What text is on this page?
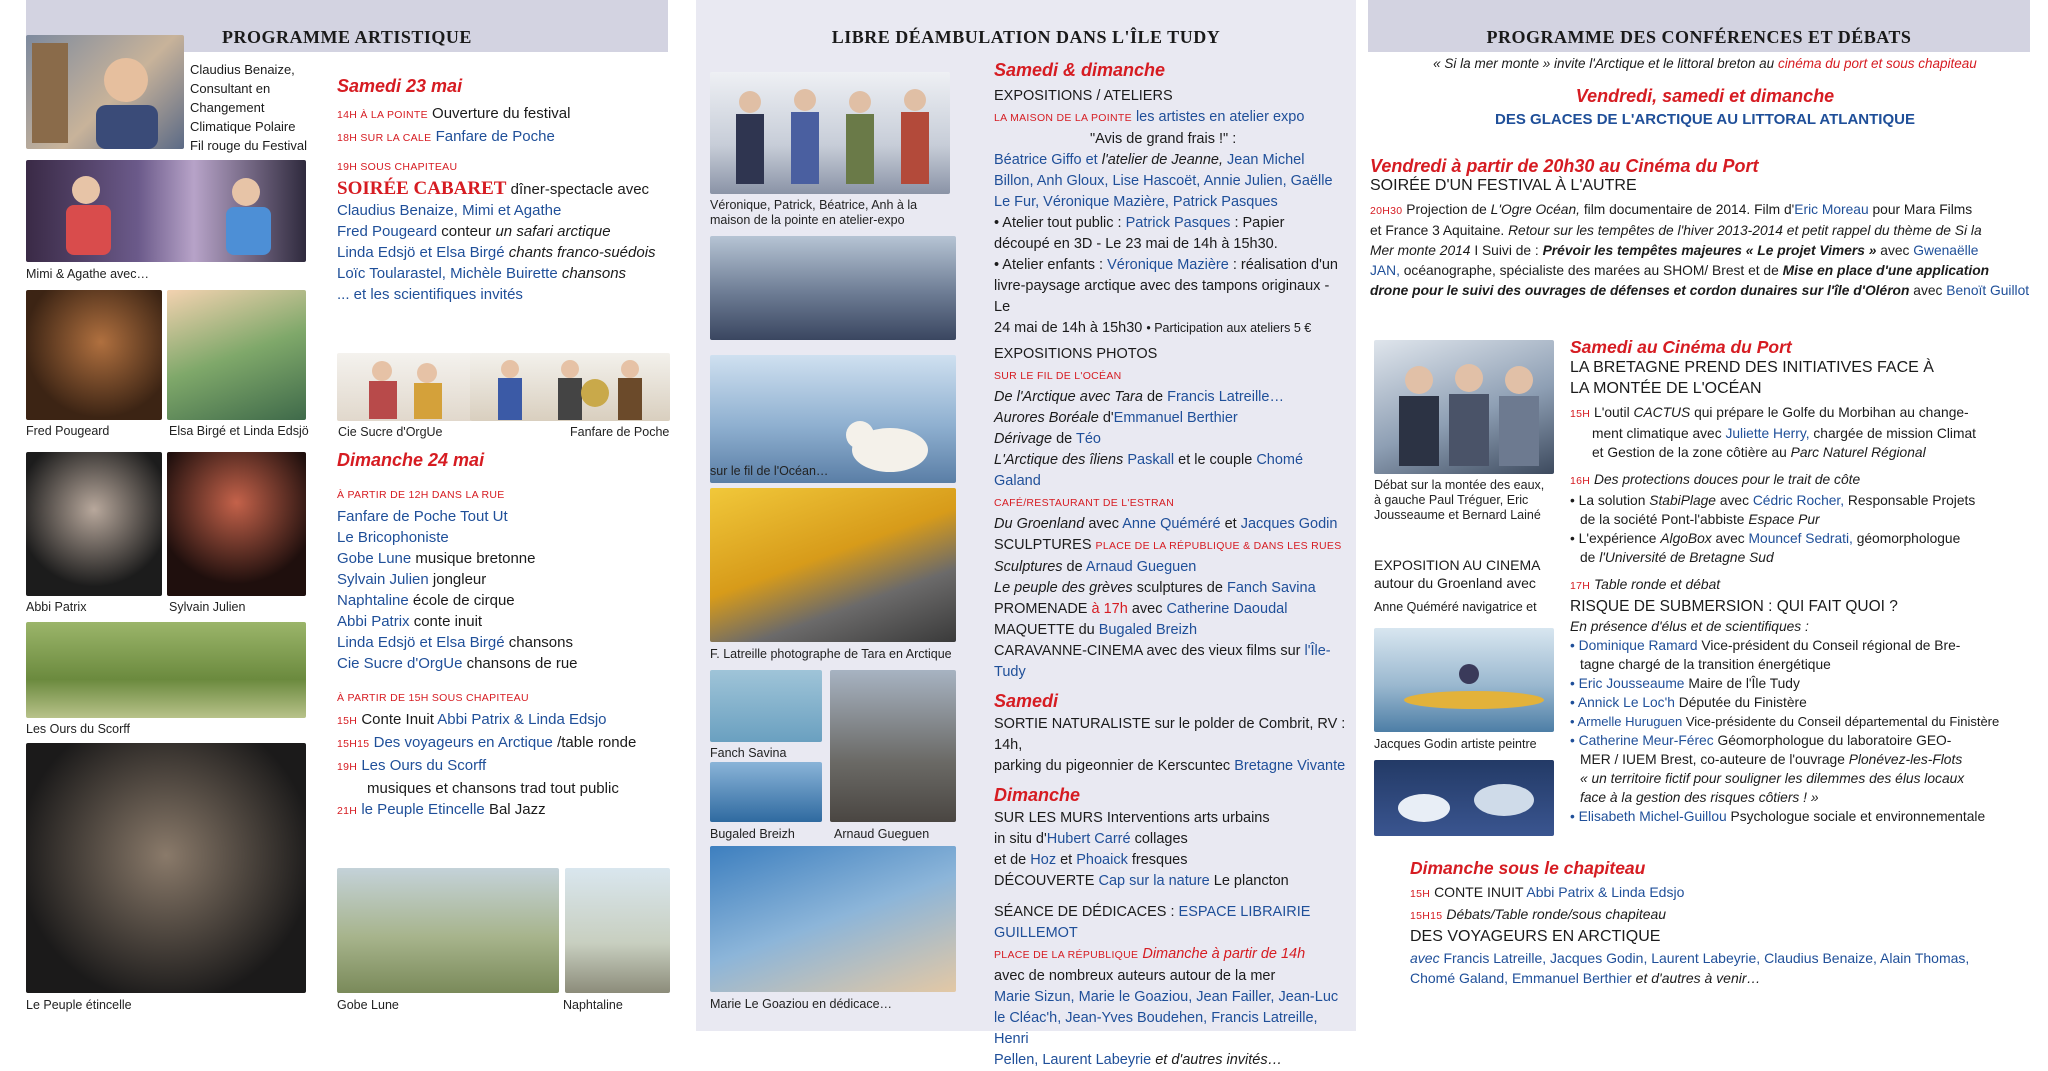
PROGRAMME ARTISTIQUE
Claudius Benaize,
Consultant en
Changement
Climatique Polaire
Fil rouge du Festival
Mimi & Agathe avec…
Fred Pougeard	Elsa Birgé et Linda Edsjö
Abbi Patrix	Sylvain Julien
Les Ours du Scorff
Le Peuple étincelle
Cie Sucre d'OrgUe	Fanfare de Poche
Gobe Lune	Naphtaline
Samedi 23 mai
14H À LA POINTE Ouverture du festival
18H SUR LA CALE Fanfare de Poche
19H SOUS CHAPITEAU
SOIRÉE CABARET dîner-spectacle avec
Claudius Benaize, Mimi et Agathe
Fred Pougeard conteur un safari arctique
Linda Edsjö et Elsa Birgé chants franco-suédois
Loïc Toularastel, Michèle Buirette chansons
... et les scientifiques invités
Dimanche 24 mai
À PARTIR DE 12H DANS LA RUE
Fanfare de Poche Tout Ut
Le Bricophoniste
Gobe Lune musique bretonne
Sylvain Julien jongleur
Naphtaline école de cirque
Abbi Patrix conte inuit
Linda Edsjö et Elsa Birgé chansons
Cie Sucre d'OrgUe chansons de rue
À PARTIR DE 15H SOUS CHAPITEAU
15H Conte Inuit Abbi Patrix & Linda Edsjo
15H15 Des voyageurs en Arctique /table ronde
19H Les Ours du Scorff
musiques et chansons trad tout public
21H le Peuple Etincelle Bal Jazz
LIBRE DÉAMBULATION DANS L'ÎLE TUDY
Véronique, Patrick, Béatrice, Anh à la
maison de la pointe en atelier-expo
sur le fil de l'Océan…
F. Latreille photographe de Tara en Arctique
Fanch Savina
Bugaled Breizh	Arnaud Gueguen
Marie Le Goaziou en dédicace…
Samedi & dimanche
EXPOSITIONS / ATELIERS
LA MAISON DE LA POINTE les artistes en atelier expo
"Avis de grand frais !" :
Béatrice Giffo et l'atelier de Jeanne, Jean Michel
Billon, Anh Gloux, Lise Hascoët, Annie Julien, Gaëlle
Le Fur, Véronique Mazière, Patrick Pasques
• Atelier tout public : Patrick Pasques : Papier
découpé en 3D - Le 23 mai de 14h à 15h30.
• Atelier enfants : Véronique Mazière : réalisation d'un
livre-paysage arctique avec des tampons originaux - Le
24 mai de 14h à 15h30 • Participation aux ateliers 5 €
EXPOSITIONS PHOTOS
SUR LE FIL DE L'OCÉAN
De l'Arctique avec Tara de Francis Latreille…
Aurores Boréale d'Emmanuel Berthier
Dérivage de Téo
L'Arctique des îliens Paskall et le couple Chomé Galand
CAFÉ/RESTAURANT DE L'ESTRAN
Du Groenland avec Anne Quéméré et Jacques Godin
SCULPTURES PLACE DE LA RÉPUBLIQUE & DANS LES RUES
Sculptures de Arnaud Gueguen
Le peuple des grèves sculptures de Fanch Savina
PROMENADE à 17h avec Catherine Daoudal
MAQUETTE du Bugaled Breizh
CARAVANNE-CINEMA avec des vieux films sur l'Île-Tudy
Samedi
SORTIE NATURALISTE sur le polder de Combrit, RV : 14h,
parking du pigeonnier de Kerscuntec Bretagne Vivante
Dimanche
SUR LES MURS Interventions arts urbains
in situ d'Hubert Carré collages
et de Hoz et Phoaick fresques
DÉCOUVERTE Cap sur la nature Le plancton
SÉANCE DE DÉDICACES : ESPACE LIBRAIRIE GUILLEMOT
PLACE DE LA RÉPUBLIQUE Dimanche à partir de 14h
avec de nombreux auteurs autour de la mer
Marie Sizun, Marie le Goaziou, Jean Failler, Jean-Luc
le Cléac'h, Jean-Yves Boudehen, Francis Latreille, Henri
Pellen, Laurent Labeyrie et d'autres invités…
PROGRAMME DES CONFÉRENCES ET DÉBATS
« Si la mer monte » invite l'Arctique et le littoral breton au cinéma du port et sous chapiteau
Vendredi, samedi et dimanche
DES GLACES DE L'ARCTIQUE AU LITTORAL ATLANTIQUE
Vendredi à partir de 20h30 au Cinéma du Port
SOIRÉE D'UN FESTIVAL À L'AUTRE
20H30 Projection de L'Ogre Océan, film documentaire de 2014. Film d'Eric Moreau pour Mara Films
et France 3 Aquitaine. Retour sur les tempêtes de l'hiver 2013-2014 et petit rappel du thème de Si la
Mer monte 2014 I Suivi de : Prévoir les tempêtes majeures « Le projet Vimers » avec Gwenaëlle
JAN, océanographe, spécialiste des marées au SHOM/ Brest et de Mise en place d'une application
drone pour le suivi des ouvrages de défenses et cordon dunaires sur l'île d'Oléron avec Benoït Guillot
Débat sur la montée des eaux,
à gauche Paul Tréguer, Eric
Jousseaume et Bernard Lainé
EXPOSITION AU CINEMA
autour du Groenland avec
Anne Quéméré navigatrice et
Jacques Godin artiste peintre
Samedi au Cinéma du Port
LA BRETAGNE PREND DES INITIATIVES FACE À
LA MONTÉE DE L'OCÉAN
15H L'outil CACTUS qui prépare le Golfe du Morbihan au change-
ment climatique avec Juliette Herry, chargée de mission Climat
et Gestion de la zone côtière au Parc Naturel Régional
16H Des protections douces pour le trait de côte
• La solution StabiPlage avec Cédric Rocher, Responsable Projets
de la société Pont-l'abbiste Espace Pur
• L'expérience AlgoBox avec Mouncef Sedrati, géomorphologue
de l'Université de Bretagne Sud
17H Table ronde et débat
RISQUE DE SUBMERSION : QUI FAIT QUOI ?
En présence d'élus et de scientifiques :
• Dominique Ramard Vice-président du Conseil régional de Bre-
tagne chargé de la transition énergétique
• Eric Jousseaume Maire de l'Île Tudy
• Annick Le Loc'h Députée du Finistère
• Armelle Huruguen Vice-présidente du Conseil départemental du Finistère
• Catherine Meur-Férec Géomorphologue du laboratoire GEO-
MER / IUEM Brest, co-auteure de l'ouvrage Plonévez-les-Flots
« un territoire fictif pour souligner les dilemmes des élus locaux
face à la gestion des risques côtiers ! »
• Elisabeth Michel-Guillou Psychologue sociale et environnementale
Dimanche sous le chapiteau
15H CONTE INUIT Abbi Patrix & Linda Edsjo
15H15 Débats/Table ronde/sous chapiteau
DES VOYAGEURS EN ARCTIQUE
avec Francis Latreille, Jacques Godin, Laurent Labeyrie, Claudius Benaize, Alain Thomas,
Chomé Galand, Emmanuel Berthier et d'autres à venir…
